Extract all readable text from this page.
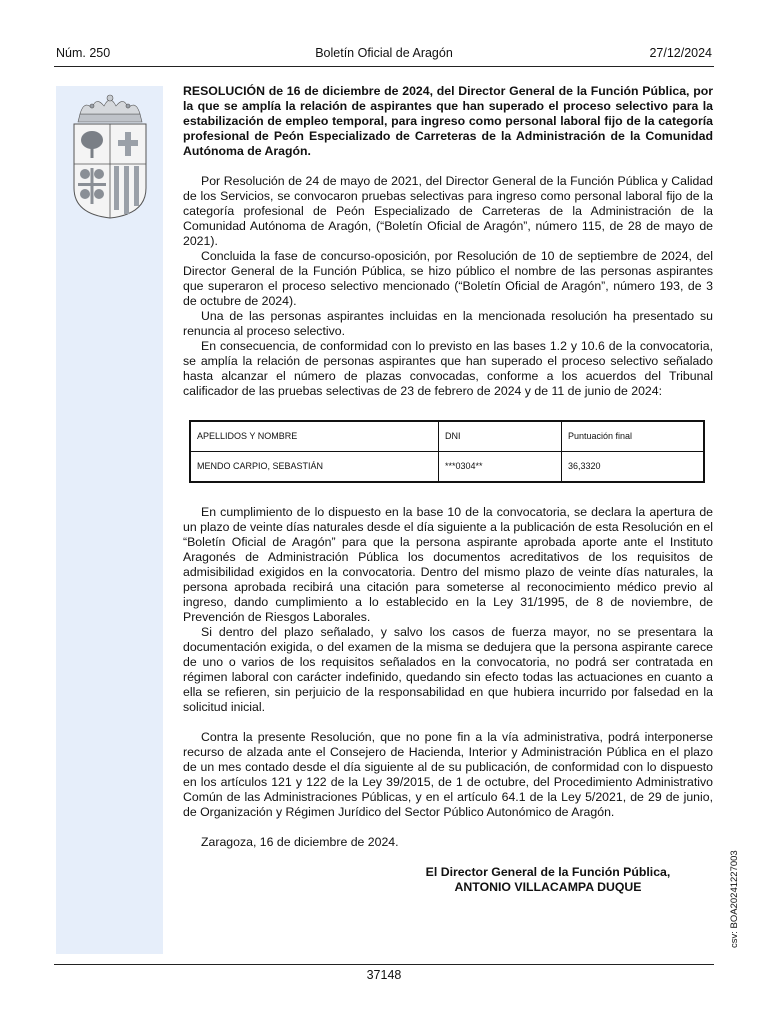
Núm. 250	Boletín Oficial de Aragón	27/12/2024

RESOLUCIÓN de 16 de diciembre de 2024, del Director General de la Función Pública, por la que se amplía la relación de aspirantes que han superado el proceso selectivo para la estabilización de empleo temporal, para ingreso como personal laboral fijo de la categoría profesional de Peón Especializado de Carreteras de la Administración de la Comunidad Autónoma de Aragón.

Por Resolución de 24 de mayo de 2021, del Director General de la Función Pública y Calidad de los Servicios, se convocaron pruebas selectivas para ingreso como personal laboral fijo de la categoría profesional de Peón Especializado de Carreteras de la Administración de la Comunidad Autónoma de Aragón, (“Boletín Oficial de Aragón”, número 115, de 28 de mayo de 2021).

Concluida la fase de concurso-oposición, por Resolución de 10 de septiembre de 2024, del Director General de la Función Pública, se hizo público el nombre de las personas aspirantes que superaron el proceso selectivo mencionado (“Boletín Oficial de Aragón”, número 193, de 3 de octubre de 2024).

Una de las personas aspirantes incluidas en la mencionada resolución ha presentado su renuncia al proceso selectivo.

En consecuencia, de conformidad con lo previsto en las bases 1.2 y 10.6 de la convocatoria, se amplía la relación de personas aspirantes que han superado el proceso selectivo señalado hasta alcanzar el número de plazas convocadas, conforme a los acuerdos del Tribunal calificador de las pruebas selectivas de 23 de febrero de 2024 y de 11 de junio de 2024:

APELLIDOS Y NOMBRE	DNI	Puntuación final
MENDO CARPIO, SEBASTIÁN	***0304**	36,3320

En cumplimiento de lo dispuesto en la base 10 de la convocatoria, se declara la apertura de un plazo de veinte días naturales desde el día siguiente a la publicación de esta Resolución en el “Boletín Oficial de Aragón” para que la persona aspirante aprobada aporte ante el Instituto Aragonés de Administración Pública los documentos acreditativos de los requisitos de admisibilidad exigidos en la convocatoria. Dentro del mismo plazo de veinte días naturales, la persona aprobada recibirá una citación para someterse al reconocimiento médico previo al ingreso, dando cumplimiento a lo establecido en la Ley 31/1995, de 8 de noviembre, de Prevención de Riesgos Laborales.

Si dentro del plazo señalado, y salvo los casos de fuerza mayor, no se presentara la documentación exigida, o del examen de la misma se dedujera que la persona aspirante carece de uno o varios de los requisitos señalados en la convocatoria, no podrá ser contratada en régimen laboral con carácter indefinido, quedando sin efecto todas las actuaciones en cuanto a ella se refieren, sin perjuicio de la responsabilidad en que hubiera incurrido por falsedad en la solicitud inicial.

Contra la presente Resolución, que no pone fin a la vía administrativa, podrá interponerse recurso de alzada ante el Consejero de Hacienda, Interior y Administración Pública en el plazo de un mes contado desde el día siguiente al de su publicación, de conformidad con lo dispuesto en los artículos 121 y 122 de la Ley 39/2015, de 1 de octubre, del Procedimiento Administrativo Común de las Administraciones Públicas, y en el artículo 64.1 de la Ley 5/2021, de 29 de junio, de Organización y Régimen Jurídico del Sector Público Autonómico de Aragón.

Zaragoza, 16 de diciembre de 2024.

El Director General de la Función Pública,
ANTONIO VILLACAMPA DUQUE	csv: BOA20241227003
37148
